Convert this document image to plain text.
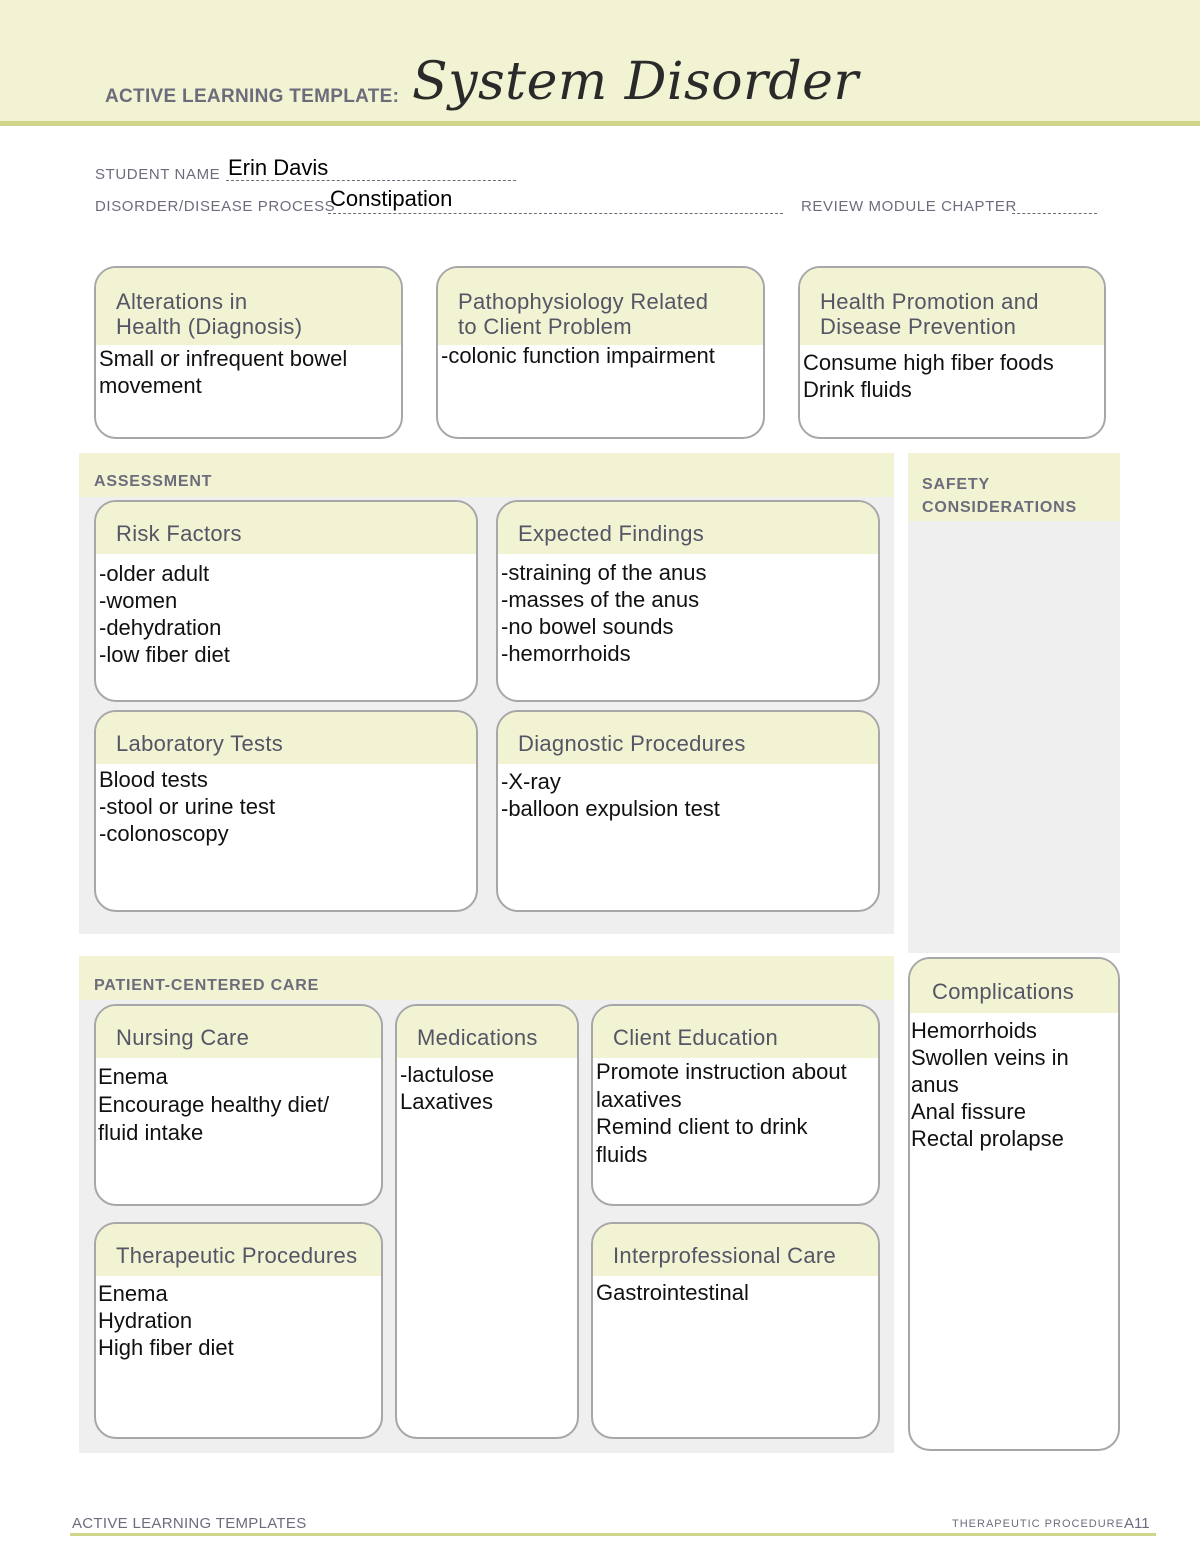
ACTIVE LEARNING TEMPLATE: System Disorder
STUDENT NAME Erin Davis
DISORDER/DISEASE PROCESS
Constipation	REVIEW MODULE CHAPTER
Alterations in
Health (Diagnosis)
Small or infrequent bowel
movement
Pathophysiology Related
to Client Problem
-colonic function impairment
Health Promotion and
Disease Prevention
Consume high fiber foods
Drink fluids
ASSESSMENT
Risk Factors
-older adult
-women
-dehydration
-low fiber diet
Expected Findings
-straining of the anus
-masses of the anus
-no bowel sounds
-hemorrhoids
Laboratory Tests
Blood tests
-stool or urine test
-colonoscopy
Diagnostic Procedures
-X-ray
-balloon expulsion test
SAFETY
CONSIDERATIONS
PATIENT-CENTERED CARE
Nursing Care
Enema
Encourage healthy diet/
fluid intake
Medications
-lactulose
Laxatives
Client Education
Promote instruction about
laxatives
Remind client to drink
fluids
Therapeutic Procedures
Enema
Hydration
High fiber diet
Interprofessional Care
Gastrointestinal
Complications
Hemorrhoids
Swollen veins in
anus
Anal fissure
Rectal prolapse
ACTIVE LEARNING TEMPLATES	THERAPEUTIC PROCEDURE A11
